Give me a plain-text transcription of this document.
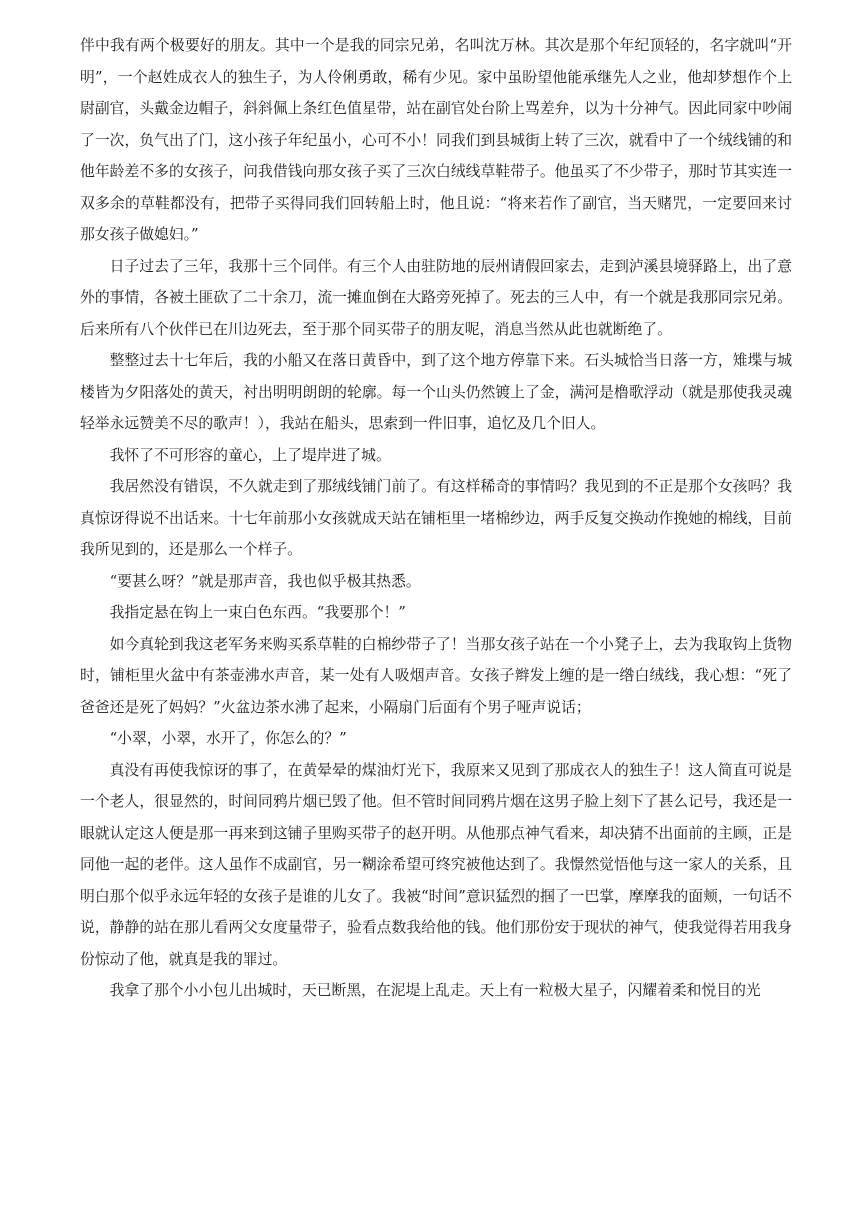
伴中我有两个极要好的朋友。其中一个是我的同宗兄弟，名叫沈万林。其次是那个年纪顶轻的，名字就叫“开明”，一个赵姓成衣人的独生子，为人伶俐勇敢，稀有少见。家中虽盼望他能承继先人之业，他却梦想作个上尉副官，头戴金边帽子，斜斜佩上条红色值星带，站在副官处台阶上骂差弁，以为十分神气。因此同家中吵闹了一次，负气出了门，这小孩子年纪虽小，心可不小！同我们到县城街上转了三次，就看中了一个绒线铺的和他年龄差不多的女孩子，问我借钱向那女孩子买了三次白绒线草鞋带子。他虽买了不少带子，那时节其实连一双多余的草鞋都没有，把带子买得同我们回转船上时，他且说：“将来若作了副官，当天赌咒，一定要回来讨那女孩子做媳妇。”

日子过去了三年，我那十三个同伴。有三个人由驻防地的辰州请假回家去，走到泸溪县境驿路上，出了意外的事情，各被土匪砍了二十余刀，流一摊血倒在大路旁死掉了。死去的三人中，有一个就是我那同宗兄弟。后来所有八个伙伴已在川边死去，至于那个同买带子的朋友呢，消息当然从此也就断绝了。

整整过去十七年后，我的小船又在落日黄昏中，到了这个地方停靠下来。石头城恰当日落一方，雉堞与城楼皆为夕阳落处的黄天，衬出明明朗朗的轮廓。每一个山头仍然镀上了金，满河是橹歌浮动（就是那使我灵魂轻举永远赞美不尽的歌声！），我站在船头，思索到一件旧事，追忆及几个旧人。

我怀了不可形容的童心，上了堤岸进了城。

我居然没有错误，不久就走到了那绒线铺门前了。有这样稀奇的事情吗？我见到的不正是那个女孩吗？我真惊讶得说不出话来。十七年前那小女孩就成天站在铺柜里一堵棉纱边，两手反复交换动作挽她的棉线，目前我所见到的，还是那么一个样子。

“要甚么呀？”就是那声音，我也似乎极其热悉。

我指定悬在钩上一束白色东西。“我要那个！”

如今真轮到我这老军务来购买系草鞋的白棉纱带子了！当那女孩子站在一个小凳子上，去为我取钩上货物时，铺柜里火盆中有茶壶沸水声音，某一处有人吸烟声音。女孩子辫发上缠的是一绺白绒线，我心想：“死了爸爸还是死了妈妈？”火盆边茶水沸了起来，小隔扇门后面有个男子哑声说话；

“小翠，小翠，水开了，你怎么的？”

真没有再使我惊讶的事了，在黄晕晕的煤油灯光下，我原来又见到了那成衣人的独生子！这人简直可说是一个老人，很显然的，时间同鸦片烟已毁了他。但不管时间同鸦片烟在这男子脸上刻下了甚么记号，我还是一眼就认定这人便是那一再来到这铺子里购买带子的赵开明。从他那点神气看来，却决猜不出面前的主顾，正是同他一起的老伴。这人虽作不成副官，另一糊涂希望可终究被他达到了。我憬然觉悟他与这一家人的关系，且明白那个似乎永远年轻的女孩子是谁的儿女了。我被“时间”意识猛烈的掴了一巴掌，摩摩我的面颊，一句话不说，静静的站在那儿看两父女度量带子，验看点数我给他的钱。他们那份安于现状的神气，使我觉得若用我身份惊动了他，就真是我的罪过。

我拿了那个小小包儿出城时，天已断黑，在泥堤上乱走。天上有一粒极大星子，闪耀着柔和悦目的光
